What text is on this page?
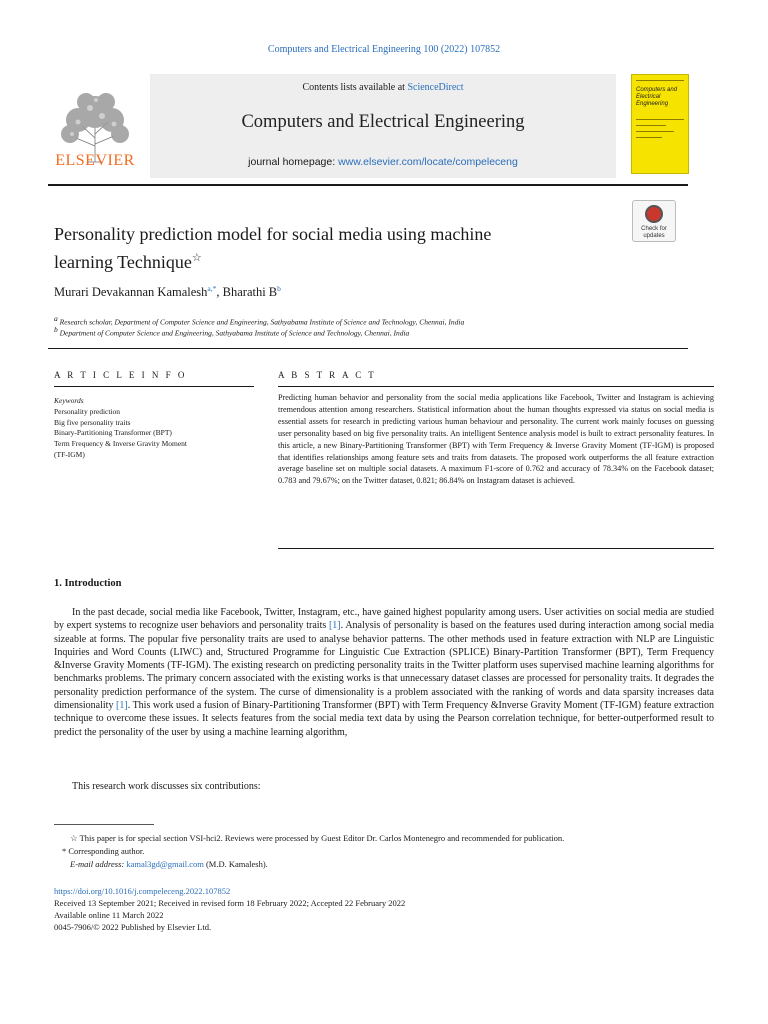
Computers and Electrical Engineering 100 (2022) 107852
ELSEVIER
Contents lists available at ScienceDirect
Computers and Electrical Engineering
journal homepage: www.elsevier.com/locate/compeleceng
Computers and
Electrical Engineering
Personality prediction model for social media using machine
learning Technique☆
Check for
updates
Murari Devakannan Kamalesh$^{a,*}$, Bharathi $B^b$
$^a$ Research scholar, Department of Computer Science and Engineering, Sathyabama Institute of Science and Technology, Chennai, India
$^b$ Department of Computer Science and Engineering, Sathyabama Institute of Science and Technology, Chennai, India
A R T I C L E I N F O
Keywords
Personality prediction
Big five personality traits
Binary-Partitioning Transformer (BPT)
Term Frequency & Inverse Gravity Moment
(TF-IGM)
A B S T R A C T
Predicting human behavior and personality from the social media applications like Facebook, Twitter and Instagram is achieving tremendous attention among researchers. Statistical information about the human thoughts expressed via status on social media is essential assets for research in predicting various human behaviour and personality. The current work mainly focuses on guessing user personality based on big five personality traits. An intelligent Sentence analysis model is built to extract personality features. In this article, a new Binary-Partitioning Transformer (BPT) with Term Frequency & Inverse Gravity Moment (TF-IGM) is proposed that identifies relationships among feature sets and traits from datasets. The proposed work outperforms the all feature extraction average baseline set on multiple social datasets. A maximum F1-score of 0.762 and accuracy of 78.34% on the Facebook dataset; 0.783 and 79.67%; on the Twitter dataset, 0.821; 86.84% on Instagram dataset is achieved.
1. Introduction
In the past decade, social media like Facebook, Twitter, Instagram, etc., have gained highest popularity among users. User activities on social media are studied by expert systems to recognize user behaviors and personality traits [1]. Analysis of personality is based on the features used during interaction among social media sizeable at forms. The popular five personality traits are used to analyse behavior patterns. The other methods used in feature extraction with NLP are Linguistic Inquiries and Word Counts (LIWC) and, Structured Programme for Linguistic Cue Extraction (SPLICE) Binary-Partition Transformer (BPT), Term Frequency &Inverse Gravity Moments (TF-IGM). The existing research on predicting personality traits in the Twitter platform uses supervised machine learning algorithms for benchmarks problems. The primary concern associated with the existing works is that unnecessary dataset classes are processed for personality traits. It degrades the personality prediction performance of the system. The curse of dimensionality is a problem associated with the ranking of words and data sparsity increases data dimensionality [1]. This work used a fusion of Binary-Partitioning Transformer (BPT) with Term Frequency &Inverse Gravity Moment (TF-IGM) feature extraction technique to overcome these issues. It selects features from the social media text data by using the Pearson correlation technique, for better-outperformed result to predict the personality of the user by using a machine learning algorithm,
This research work discusses six contributions:
☆ This paper is for special section VSI-hci2. Reviews were processed by Guest Editor Dr. Carlos Montenegro and recommended for publication.
* Corresponding author.
E-mail address: kamal3gd@gmail.com (M.D. Kamalesh).
https://doi.org/10.1016/j.compeleceng.2022.107852
Received 13 September 2021; Received in revised form 18 February 2022; Accepted 22 February 2022
Available online 11 March 2022
0045-7906/© 2022 Published by Elsevier Ltd.
